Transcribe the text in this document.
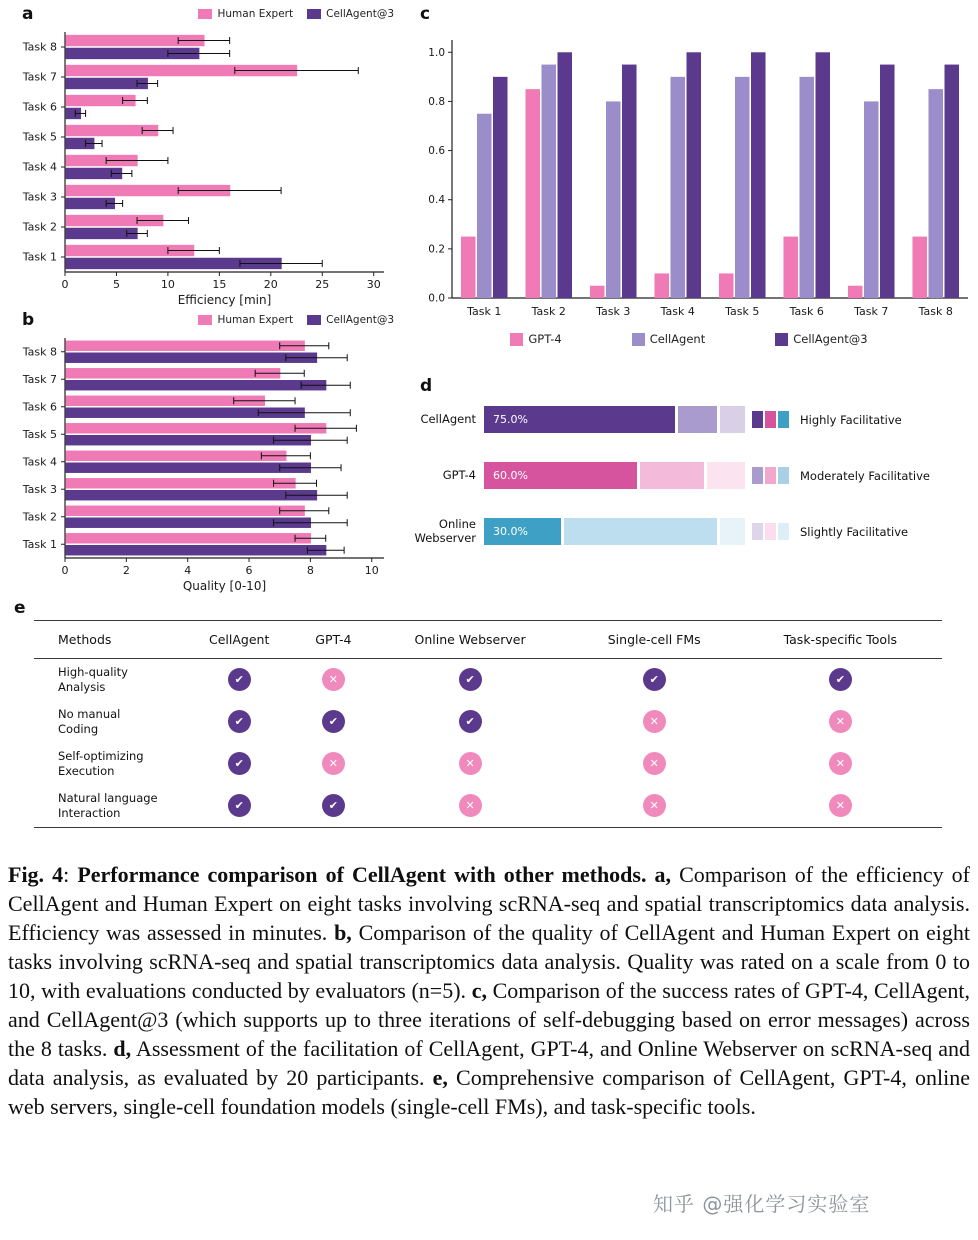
a	Human Expert	CellAgent@3
Task 8
Task 7
Task 6
Task 5
Task 4
Task 3
Task 2
Task 1
0	5	10	15	20	25	30
Efficiency [min]
b	Human Expert	CellAgent@3
Task 8
Task 7
Task 6
Task 5
Task 4
Task 3
Task 2
Task 1
0	2	4	6	8	10
Quality [0-10]
c
0.0
0.2
0.4
0.6
0.8
1.0
Task 1	Task 2	Task 3	Task 4	Task 5	Task 6	Task 7	Task 8
GPT-4	CellAgent	CellAgent@3
d
CellAgent	75.0%
GPT-4	60.0%
Online
Webserver	30.0%
Highly Facilitative
Moderately Facilitative
Slightly Facilitative
e
Methods	CellAgent	GPT-4	Online Webserver	Single-cell FMs	Task-specific Tools
High-quality
Analysis	✔	✕	✔	✔	✔
No manual
Coding	✔	✔	✔	✕	✕
Self-optimizing
Execution	✔	✕	✕	✕	✕
Natural language
Interaction	✔	✔	✕	✕	✕
Fig. 4: Performance comparison of CellAgent with other methods. a, Comparison of the efficiency of CellAgent and Human Expert on eight tasks involving scRNA-seq and spatial transcriptomics data analysis. Efficiency was assessed in minutes. b, Comparison of the quality of CellAgent and Human Expert on eight tasks involving scRNA-seq and spatial transcriptomics data analysis. Quality was rated on a scale from 0 to 10, with evaluations conducted by evaluators (n=5). c, Comparison of the success rates of GPT-4, CellAgent, and CellAgent@3 (which supports up to three iterations of self-debugging based on error messages) across the 8 tasks. d, Assessment of the facilitation of CellAgent, GPT-4, and Online Webserver on scRNA-seq and data analysis, as evaluated by 20 participants. e, Comprehensive comparison of CellAgent, GPT-4, online web servers, single-cell foundation models (single-cell FMs), and task-specific tools.
知乎 @强化学习实验室
